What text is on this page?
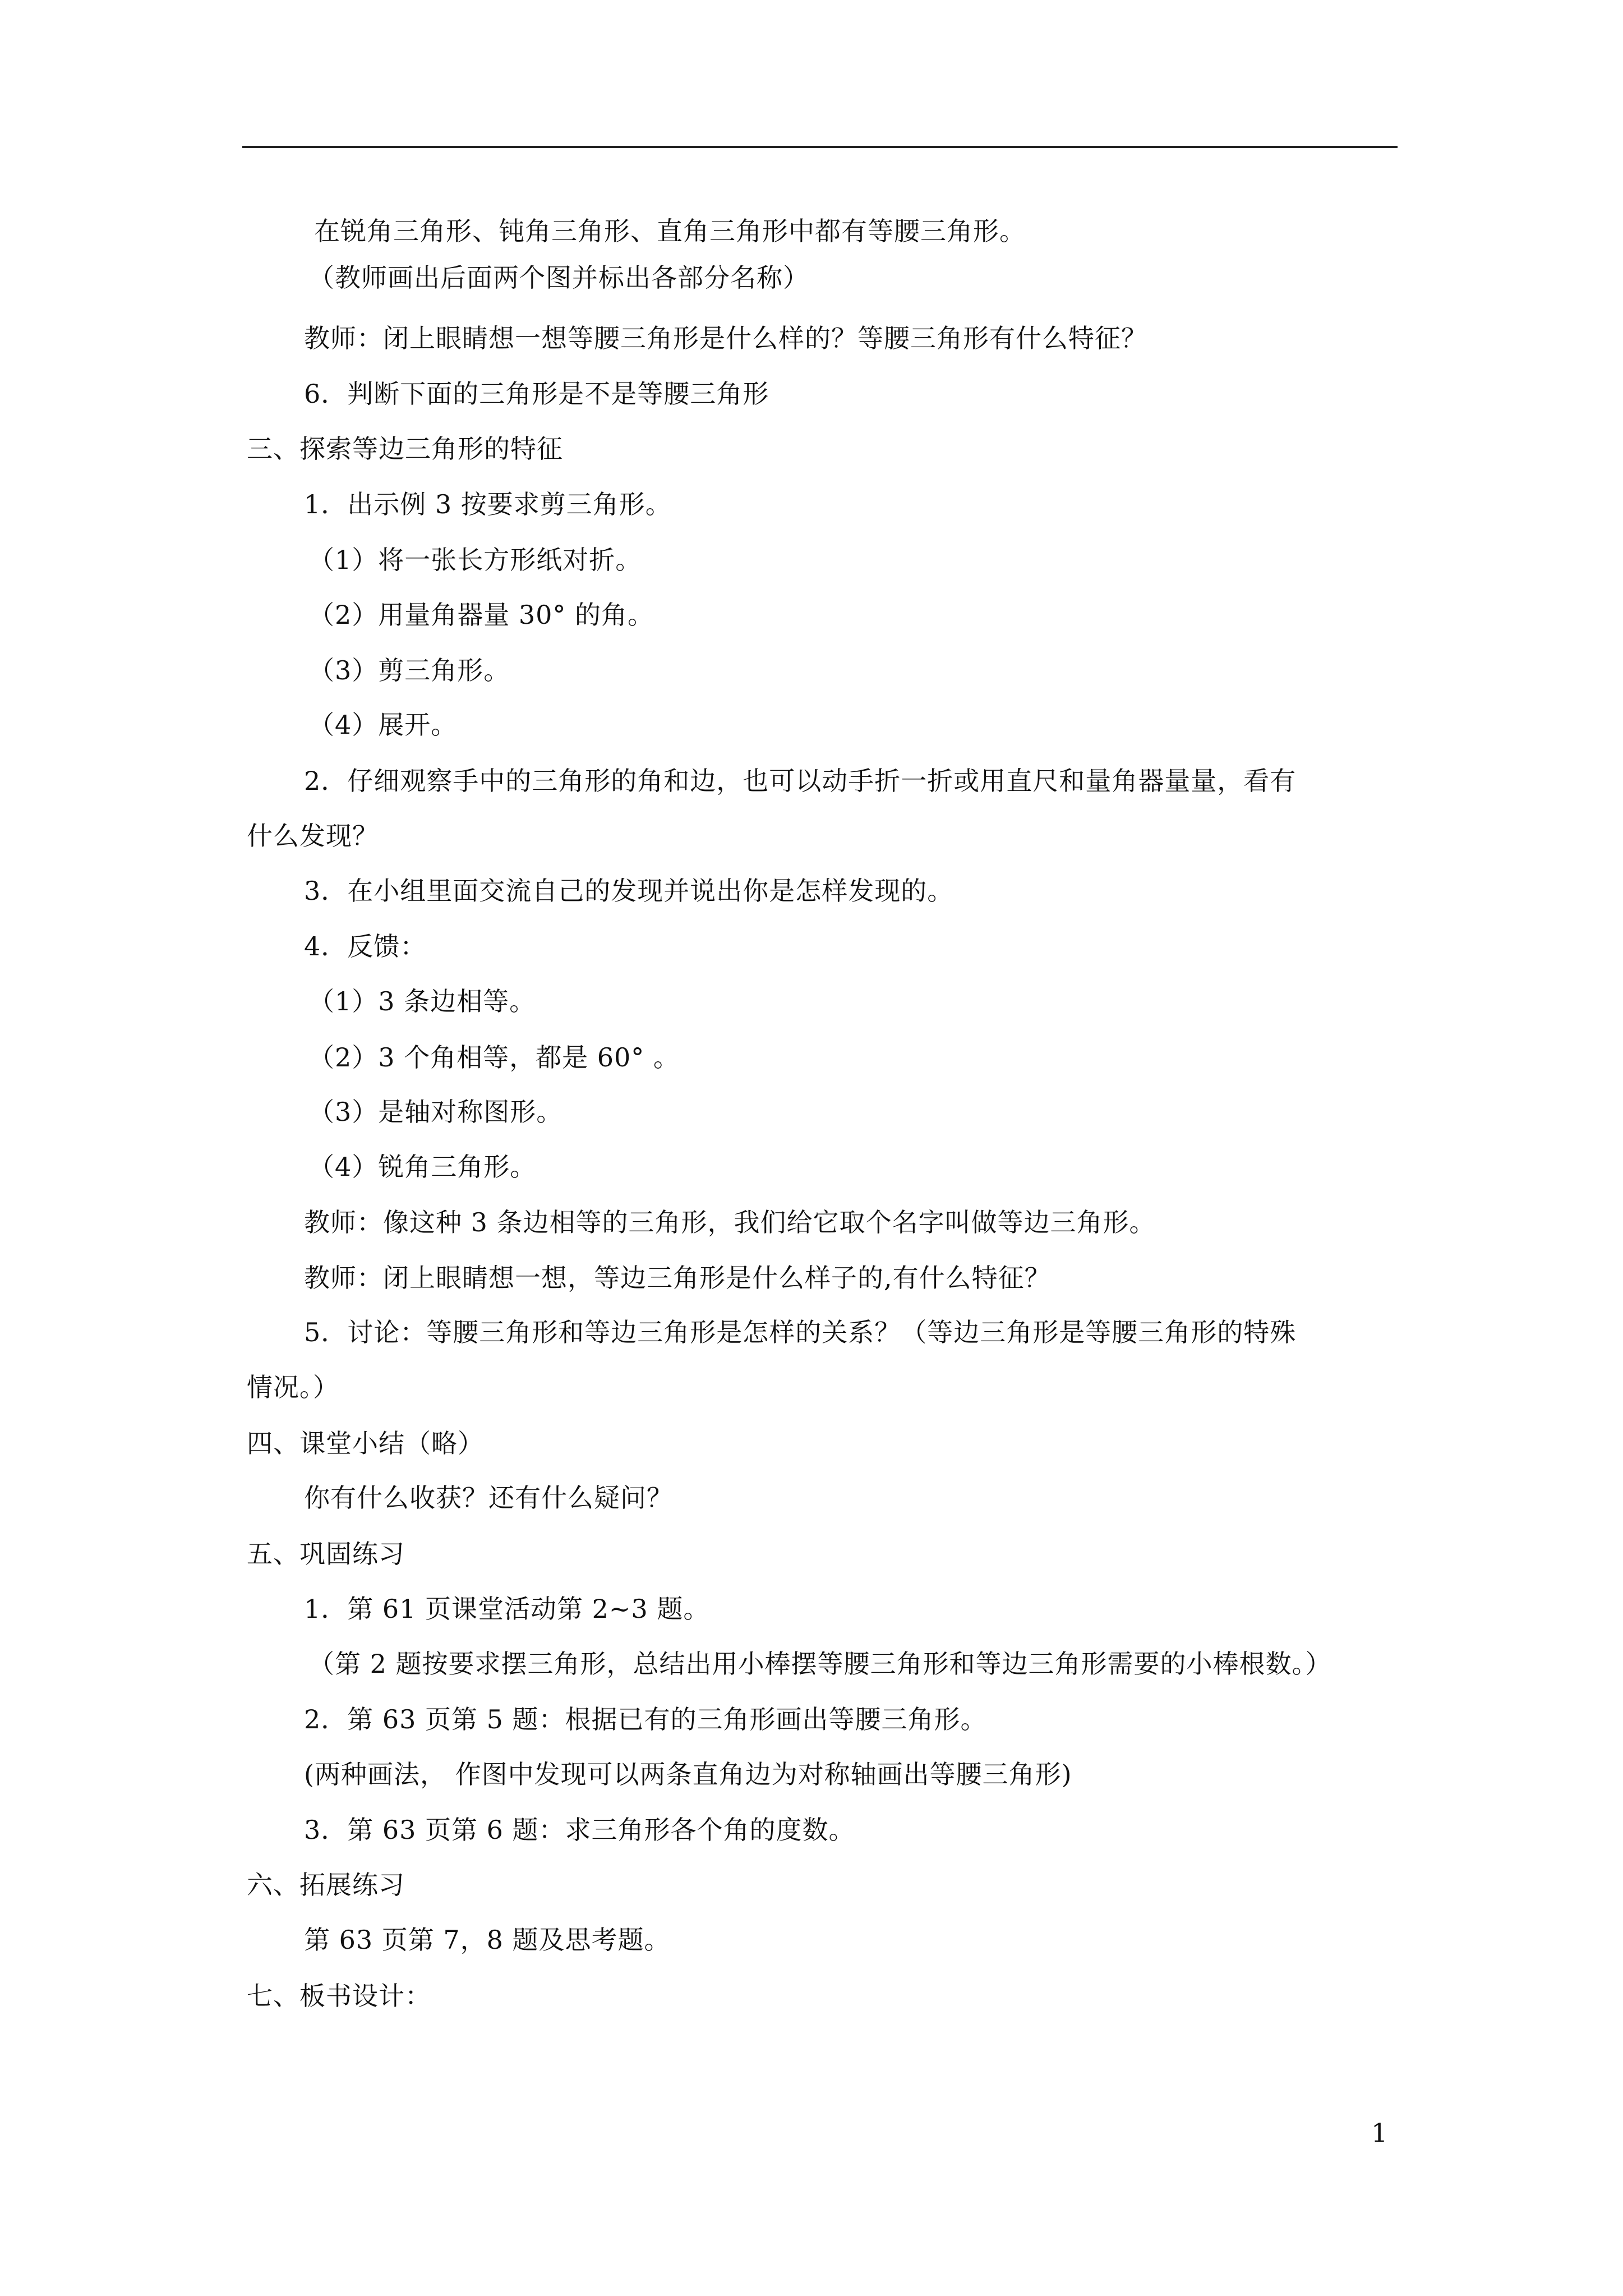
在锐角三角形、钝角三角形、直角三角形中都有等腰三角形。
（教师画出后面两个图并标出各部分名称）
教师：闭上眼睛想一想等腰三角形是什么样的？等腰三角形有什么特征？
6．判断下面的三角形是不是等腰三角形
三、探索等边三角形的特征
1．出示例 3 按要求剪三角形。
（1）将一张长方形纸对折。
（2）用量角器量 30° 的角。
（3）剪三角形。
（4）展开。
2．仔细观察手中的三角形的角和边，也可以动手折一折或用直尺和量角器量量，看有
什么发现？
3．在小组里面交流自己的发现并说出你是怎样发现的。
4．反馈：
（1）3 条边相等。
（2）3 个角相等，都是 60° 。
（3）是轴对称图形。
（4）锐角三角形。
教师：像这种 3 条边相等的三角形，我们给它取个名字叫做等边三角形。
教师：闭上眼睛想一想，等边三角形是什么样子的,有什么特征？
5．讨论：等腰三角形和等边三角形是怎样的关系？（等边三角形是等腰三角形的特殊
情况。）
四、课堂小结（略）
你有什么收获？还有什么疑问？
五、巩固练习
1．第 61 页课堂活动第 2~3 题。
（第 2 题按要求摆三角形，总结出用小棒摆等腰三角形和等边三角形需要的小棒根数。）
2．第 63 页第 5 题：根据已有的三角形画出等腰三角形。
(两种画法， 作图中发现可以两条直角边为对称轴画出等腰三角形)
3．第 63 页第 6 题：求三角形各个角的度数。
六、拓展练习
第 63 页第 7，8 题及思考题。
七、板书设计：
1
